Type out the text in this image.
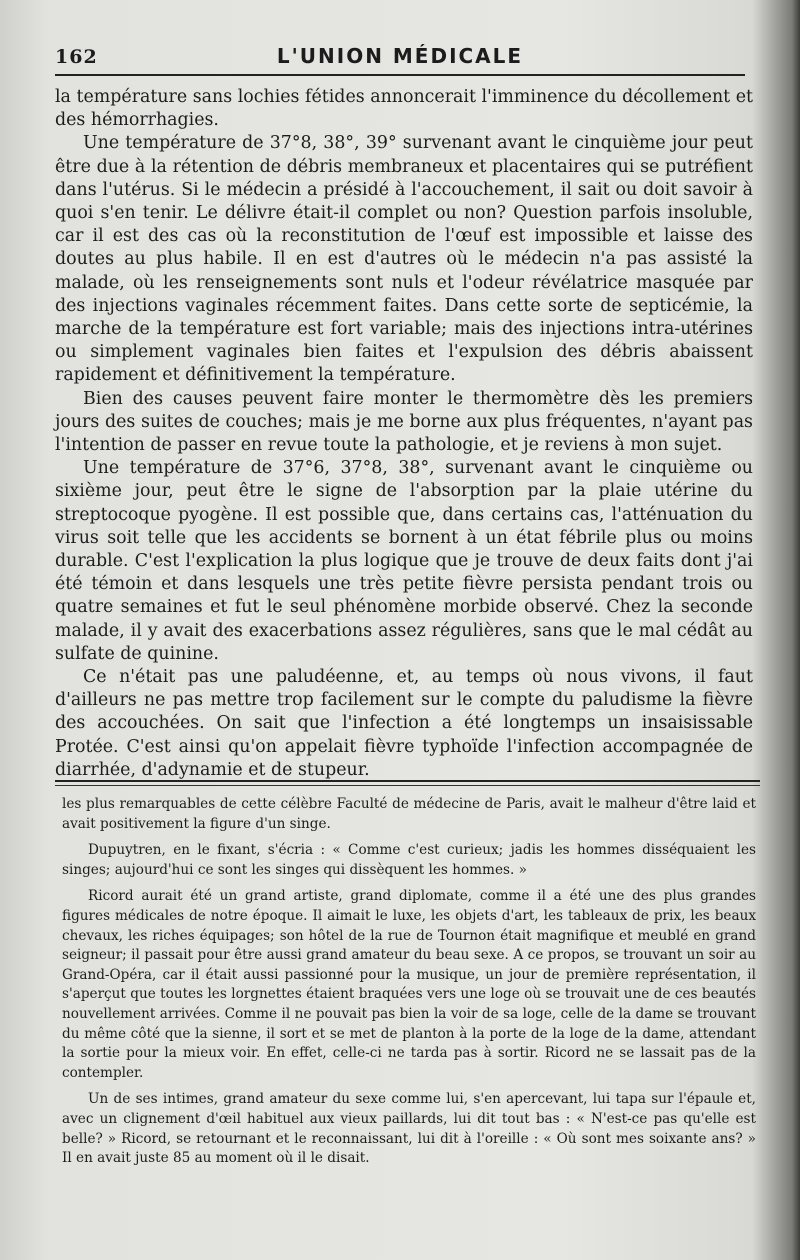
162	L'UNION MÉDICALE

la température sans lochies fétides annoncerait l'imminence du décollement et des hémorrhagies.

Une température de 37°8, 38°, 39° survenant avant le cinquième jour peut être due à la rétention de débris membraneux et placentaires qui se putréfient dans l'utérus. Si le médecin a présidé à l'accouchement, il sait ou doit savoir à quoi s'en tenir. Le délivre était-il complet ou non? Question parfois insoluble, car il est des cas où la reconstitution de l'œuf est impossible et laisse des doutes au plus habile. Il en est d'autres où le médecin n'a pas assisté la malade, où les renseignements sont nuls et l'odeur révélatrice masquée par des injections vaginales récemment faites. Dans cette sorte de septicémie, la marche de la température est fort variable; mais des injections intra-utérines ou simplement vaginales bien faites et l'expulsion des débris abaissent rapidement et définitivement la température.

Bien des causes peuvent faire monter le thermomètre dès les premiers jours des suites de couches; mais je me borne aux plus fréquentes, n'ayant pas l'intention de passer en revue toute la pathologie, et je reviens à mon sujet.

Une température de 37°6, 37°8, 38°, survenant avant le cinquième ou sixième jour, peut être le signe de l'absorption par la plaie utérine du streptocoque pyogène. Il est possible que, dans certains cas, l'atténuation du virus soit telle que les accidents se bornent à un état fébrile plus ou moins durable. C'est l'explication la plus logique que je trouve de deux faits dont j'ai été témoin et dans lesquels une très petite fièvre persista pendant trois ou quatre semaines et fut le seul phénomène morbide observé. Chez la seconde malade, il y avait des exacerbations assez régulières, sans que le mal cédât au sulfate de quinine.

Ce n'était pas une paludéenne, et, au temps où nous vivons, il faut d'ailleurs ne pas mettre trop facilement sur le compte du paludisme la fièvre des accouchées. On sait que l'infection a été longtemps un insaisissable Protée. C'est ainsi qu'on appelait fièvre typhoïde l'infection accompagnée de diarrhée, d'adynamie et de stupeur.

les plus remarquables de cette célèbre Faculté de médecine de Paris, avait le malheur d'être laid et avait positivement la figure d'un singe.

Dupuytren, en le fixant, s'écria : « Comme c'est curieux; jadis les hommes disséquaient les singes; aujourd'hui ce sont les singes qui dissèquent les hommes. »

Ricord aurait été un grand artiste, grand diplomate, comme il a été une des plus grandes figures médicales de notre époque. Il aimait le luxe, les objets d'art, les tableaux de prix, les beaux chevaux, les riches équipages; son hôtel de la rue de Tournon était magnifique et meublé en grand seigneur; il passait pour être aussi grand amateur du beau sexe. A ce propos, se trouvant un soir au Grand-Opéra, car il était aussi passionné pour la musique, un jour de première représentation, il s'aperçut que toutes les lorgnettes étaient braquées vers une loge où se trouvait une de ces beautés nouvellement arrivées. Comme il ne pouvait pas bien la voir de sa loge, celle de la dame se trouvant du même côté que la sienne, il sort et se met de planton à la porte de la loge de la dame, attendant la sortie pour la mieux voir. En effet, celle-ci ne tarda pas à sortir. Ricord ne se lassait pas de la contempler.

Un de ses intimes, grand amateur du sexe comme lui, s'en apercevant, lui tapa sur l'épaule et, avec un clignement d'œil habituel aux vieux paillards, lui dit tout bas : « N'est-ce pas qu'elle est belle? » Ricord, se retournant et le reconnaissant, lui dit à l'oreille : « Où sont mes soixante ans? » Il en avait juste 85 au moment où il le disait.
